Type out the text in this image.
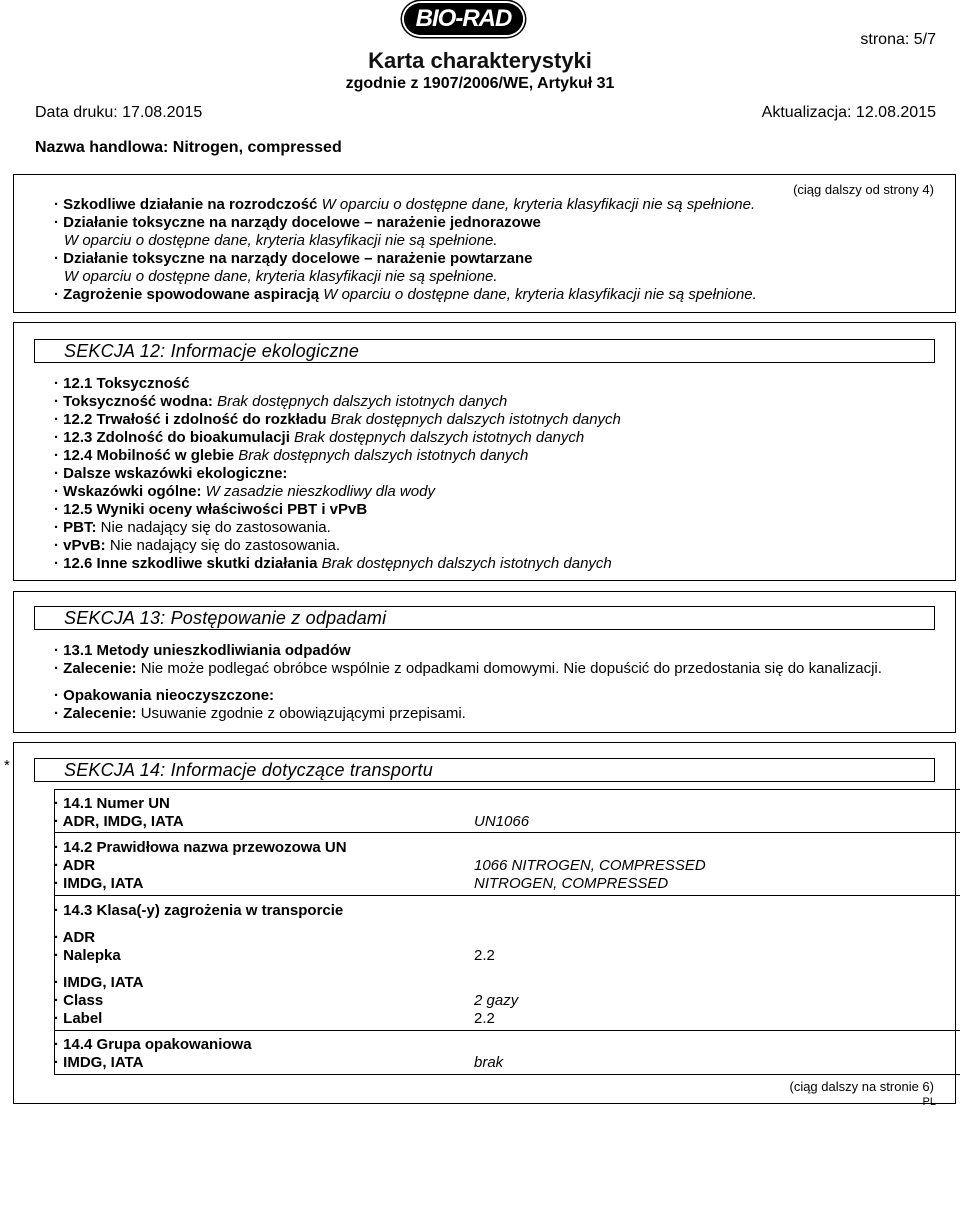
BIO-RAD
strona: 5/7
Karta charakterystyki
zgodnie z 1907/2006/WE, Artykuł 31
Data druku: 17.08.2015	Aktualizacja: 12.08.2015
Nazwa handlowa: Nitrogen, compressed
(ciąg dalszy od strony 4)
· Szkodliwe działanie na rozrodczość W oparciu o dostępne dane, kryteria klasyfikacji nie są spełnione.
· Działanie toksyczne na narządy docelowe – narażenie jednorazowe
W oparciu o dostępne dane, kryteria klasyfikacji nie są spełnione.
· Działanie toksyczne na narządy docelowe – narażenie powtarzane
W oparciu o dostępne dane, kryteria klasyfikacji nie są spełnione.
· Zagrożenie spowodowane aspiracją W oparciu o dostępne dane, kryteria klasyfikacji nie są spełnione.
SEKCJA 12: Informacje ekologiczne
· 12.1 Toksyczność
· Toksyczność wodna: Brak dostępnych dalszych istotnych danych
· 12.2 Trwałość i zdolność do rozkładu Brak dostępnych dalszych istotnych danych
· 12.3 Zdolność do bioakumulacji Brak dostępnych dalszych istotnych danych
· 12.4 Mobilność w glebie Brak dostępnych dalszych istotnych danych
· Dalsze wskazówki ekologiczne:
· Wskazówki ogólne: W zasadzie nieszkodliwy dla wody
· 12.5 Wyniki oceny właściwości PBT i vPvB
· PBT: Nie nadający się do zastosowania.
· vPvB: Nie nadający się do zastosowania.
· 12.6 Inne szkodliwe skutki działania Brak dostępnych dalszych istotnych danych
SEKCJA 13: Postępowanie z odpadami
· 13.1 Metody unieszkodliwiania odpadów
· Zalecenie: Nie może podlegać obróbce wspólnie z odpadkami domowymi. Nie dopuścić do przedostania się do kanalizacji.
· Opakowania nieoczyszczone:
· Zalecenie: Usuwanie zgodnie z obowiązującymi przepisami.
*	SEKCJA 14: Informacje dotyczące transportu
· 14.1 Numer UN
· ADR, IMDG, IATA	UN1066
· 14.2 Prawidłowa nazwa przewozowa UN
· ADR	1066 NITROGEN, COMPRESSED
· IMDG, IATA	NITROGEN, COMPRESSED
· 14.3 Klasa(-y) zagrożenia w transporcie
· ADR
· Nalepka	2.2
· IMDG, IATA
· Class	2 gazy
· Label	2.2
· 14.4 Grupa opakowaniowa
· IMDG, IATA	brak
(ciąg dalszy na stronie 6)
PL
